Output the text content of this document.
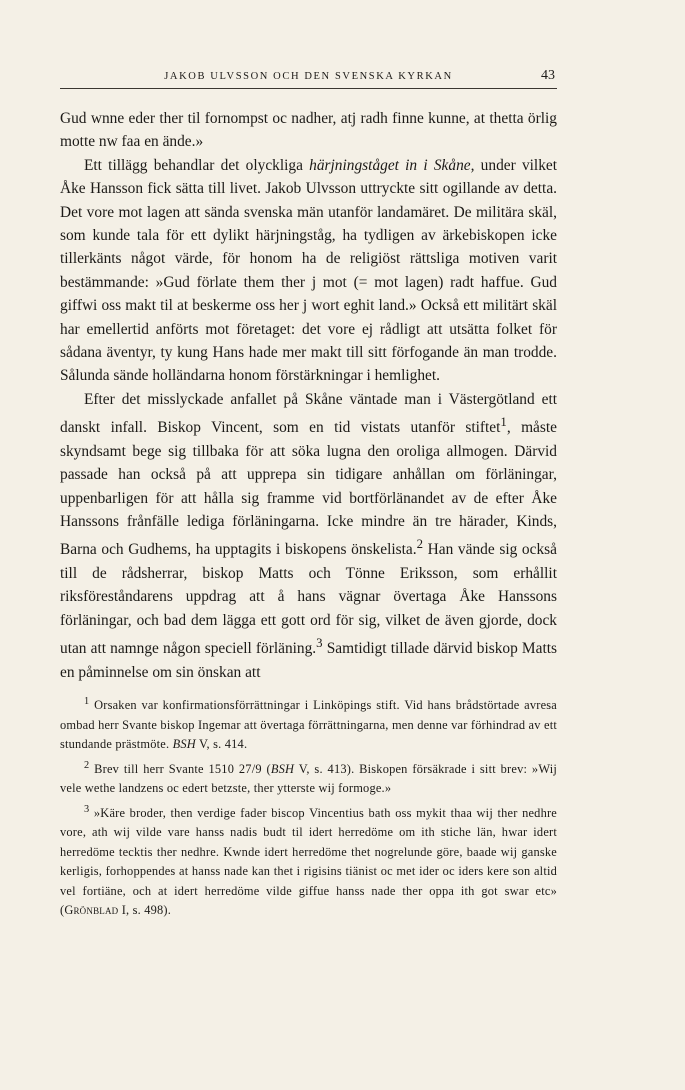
JAKOB ULVSSON OCH DEN SVENSKA KYRKAN	43

Gud wnne eder ther til fornompst oc nadher, atj radh finne kunne, at thetta örlig motte nw faa en ände.»

Ett tillägg behandlar det olyckliga härjningståget in i Skåne, under vilket Åke Hansson fick sätta till livet. Jakob Ulvsson uttryckte sitt ogillande av detta. Det vore mot lagen att sända svenska män utanför landamäret. De militära skäl, som kunde tala för ett dylikt härjningståg, ha tydligen av ärkebiskopen icke tillerkänts något värde, för honom ha de religiöst rättsliga motiven varit bestämmande: »Gud förlate them ther j mot (= mot lagen) radt haffue. Gud giffwi oss makt til at beskerme oss her j wort eghit land.» Också ett militärt skäl har emellertid anförts mot företaget: det vore ej rådligt att utsätta folket för sådana äventyr, ty kung Hans hade mer makt till sitt förfogande än man trodde. Sålunda sände holländarna honom förstärkningar i hemlighet.

Efter det misslyckade anfallet på Skåne väntade man i Västergötland ett danskt infall. Biskop Vincent, som en tid vistats utanför stiftet$^1$, måste skyndsamt bege sig tillbaka för att söka lugna den oroliga allmogen. Därvid passade han också på att upprepa sin tidigare anhållan om förläningar, uppenbarligen för att hålla sig framme vid bortförlänandet av de efter Åke Hanssons frånfälle lediga förläningarna. Icke mindre än tre härader, Kinds, Barna och Gudhems, ha upptagits i biskopens önskelista.$^2$ Han vände sig också till de rådsherrar, biskop Matts och Tönne Eriksson, som erhållit riksföreståndarens uppdrag att å hans vägnar övertaga Åke Hanssons förläningar, och bad dem lägga ett gott ord för sig, vilket de även gjorde, dock utan att namnge någon speciell förläning.$^3$ Samtidigt tillade därvid biskop Matts en påminnelse om sin önskan att

$^1$ Orsaken var konfirmationsförrättningar i Linköpings stift. Vid hans brådstörtade avresa ombad herr Svante biskop Ingemar att övertaga förrättningarna, men denne var förhindrad av ett stundande prästmöte. BSH V, s. 414.

$^2$ Brev till herr Svante 1510 27/9 (BSH V, s. 413). Biskopen försäkrade i sitt brev: »Wij vele wethe landzens oc edert betzste, ther ytterste wij formoge.»

$^3$ »Käre broder, then verdige fader biscop Vincentius bath oss mykit thaa wij ther nedhre vore, ath wij vilde vare hanss nadis budt til idert herredöme om ith stiche län, hwar idert herredöme tecktis ther nedhre. Kwnde idert herredöme thet nogrelunde göre, baade wij ganske kerligis, forhoppendes at hanss nade kan thet i rigisins tiänist oc met ider oc iders kere son altid vel fortiäne, och at idert herredöme vilde giffue hanss nade ther oppa ith got swar etc» (Grönblad I, s. 498).
